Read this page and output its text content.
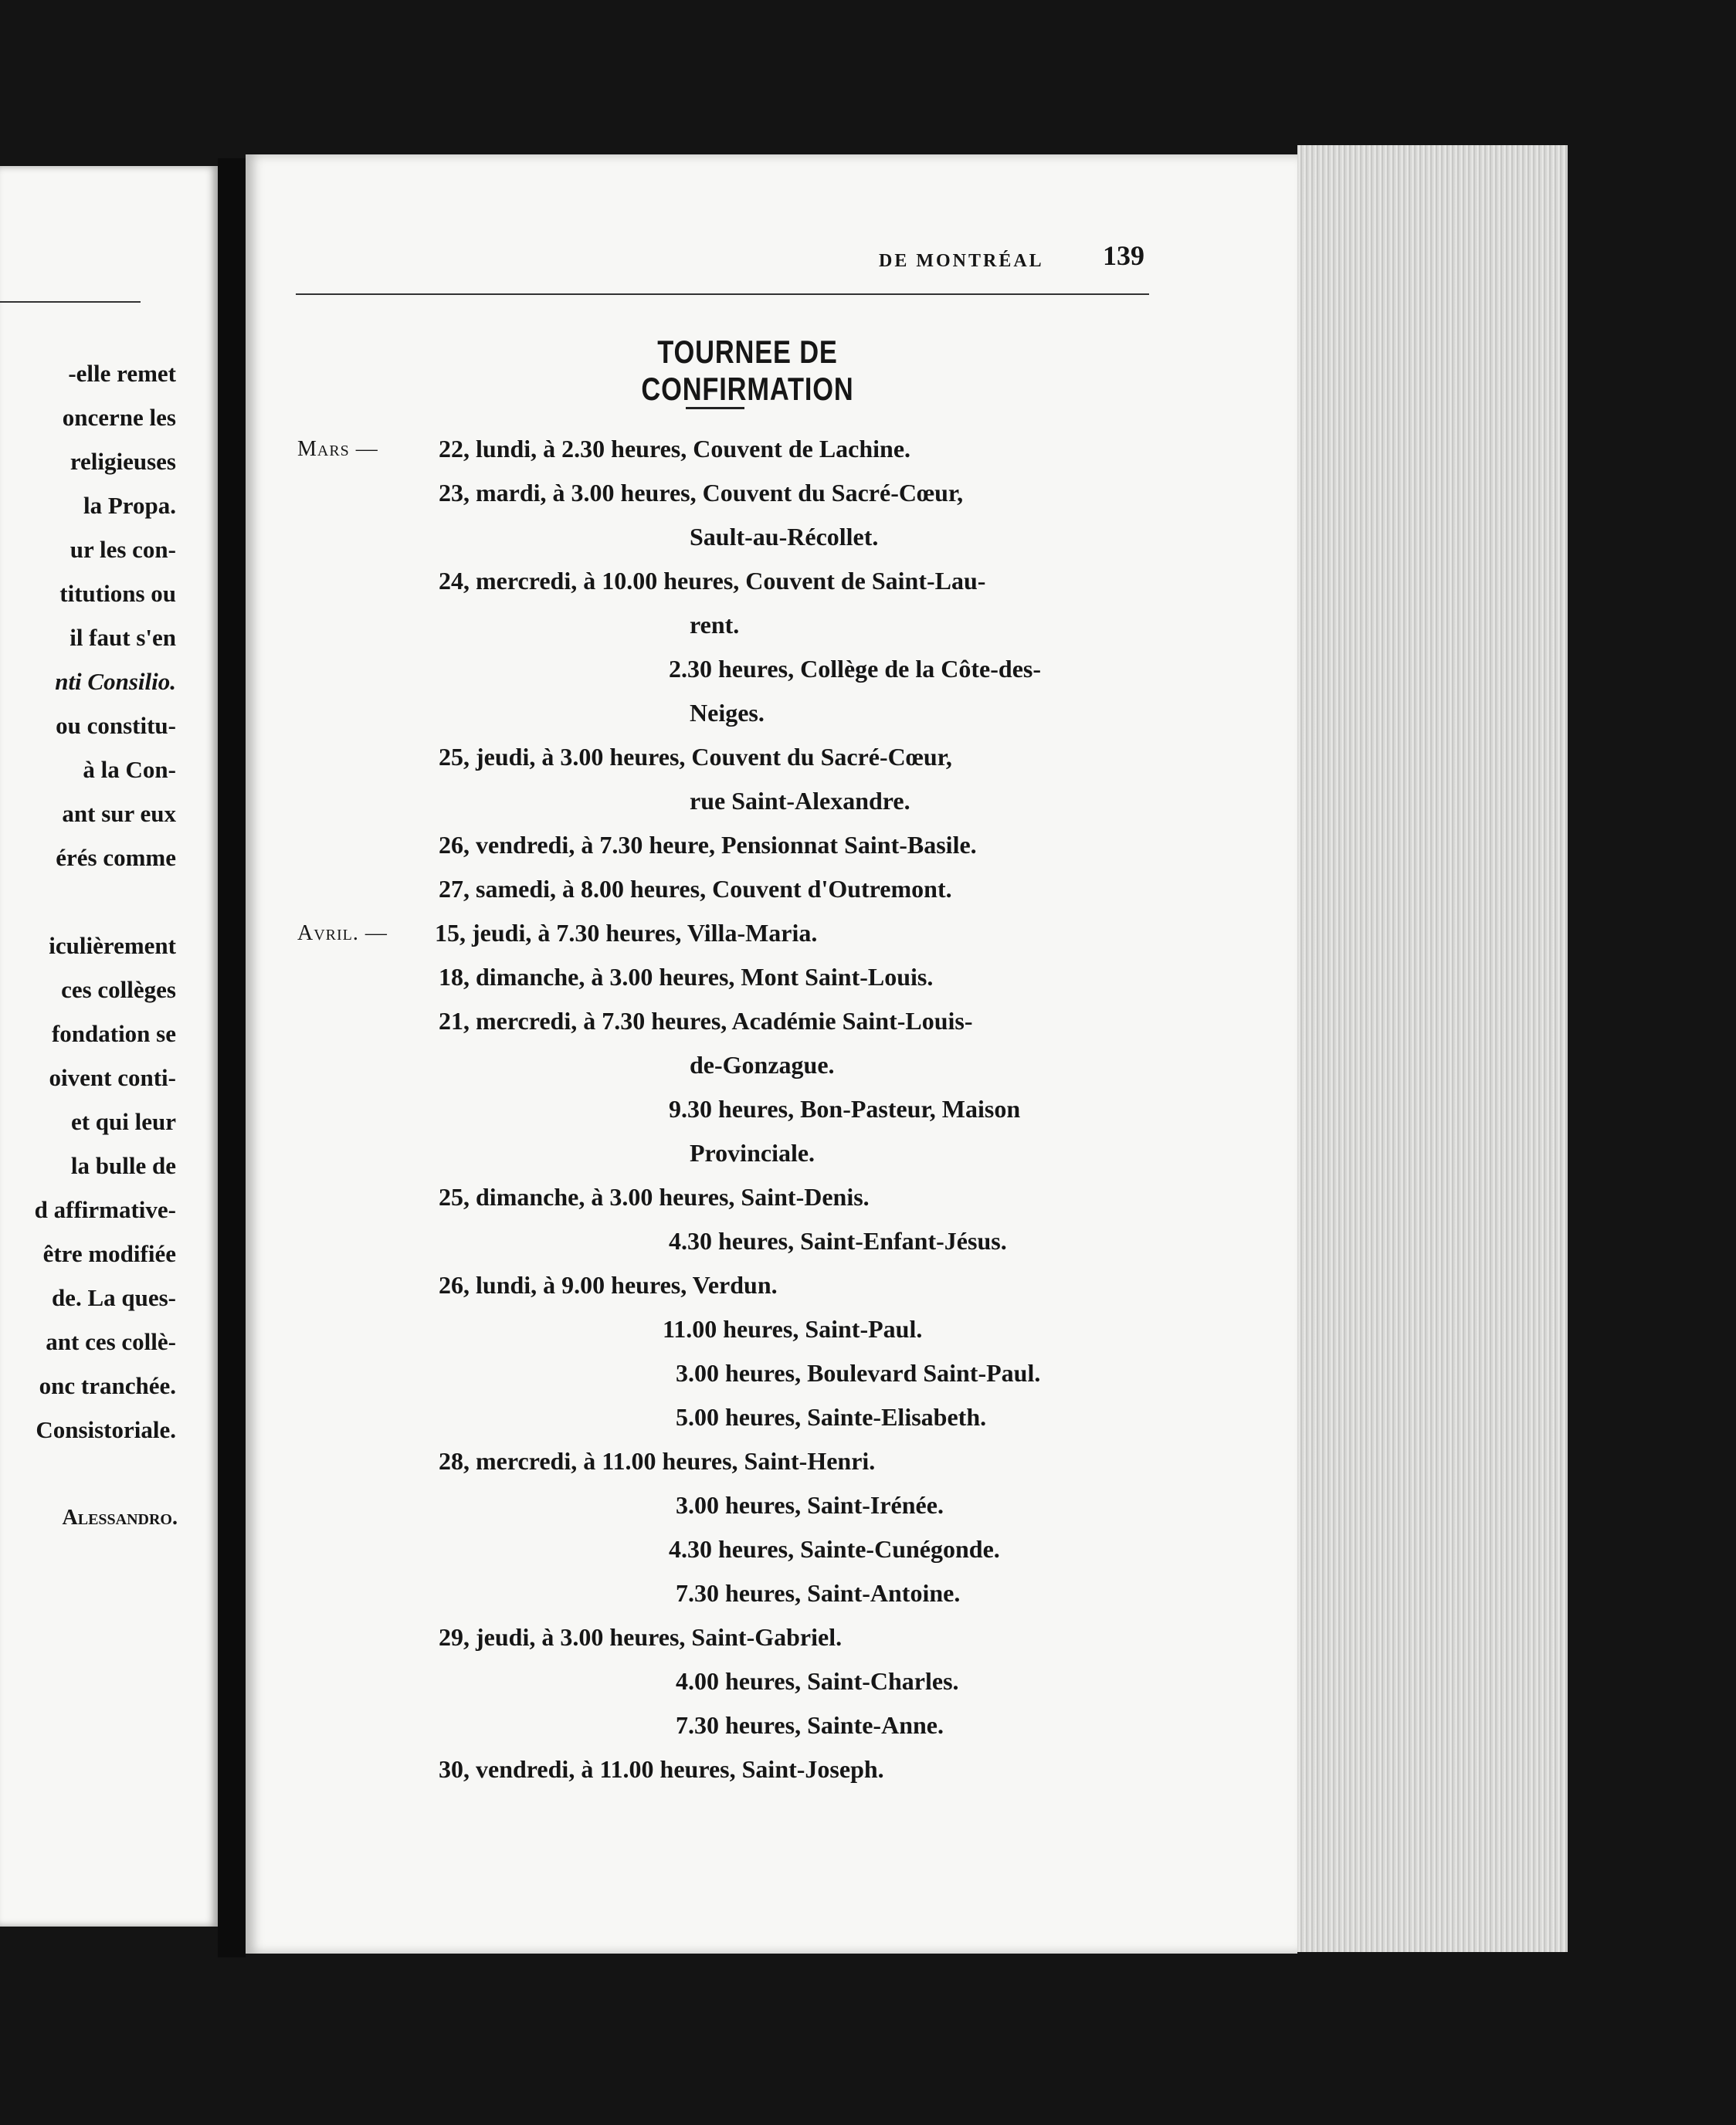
-elle remet
oncerne les
religieuses
la Propa.
ur les con-
titutions ou
il faut s'en
nti Consilio.
ou constitu-
à la Con-
ant sur eux
érés comme
iculièrement
ces collèges
fondation se
oivent conti-
et qui leur
la bulle de
d affirmative-
être modifiée
de. La ques-
ant ces collè-
onc tranchée.
Consistoriale.
Alessandro.
DE MONTRÉAL 139
TOURNEE DE CONFIRMATION
Mars — 22, lundi, à 2.30 heures, Couvent de Lachine.
23, mardi, à 3.00 heures, Couvent du Sacré-Cœur,
Sault-au-Récollet.
24, mercredi, à 10.00 heures, Couvent de Saint-Lau-
rent.
2.30 heures, Collège de la Côte-des-
Neiges.
25, jeudi, à 3.00 heures, Couvent du Sacré-Cœur,
rue Saint-Alexandre.
26, vendredi, à 7.30 heure, Pensionnat Saint-Basile.
27, samedi, à 8.00 heures, Couvent d'Outremont.
Avril. — 15, jeudi, à 7.30 heures, Villa-Maria.
18, dimanche, à 3.00 heures, Mont Saint-Louis.
21, mercredi, à 7.30 heures, Académie Saint-Louis-
de-Gonzague.
9.30 heures, Bon-Pasteur, Maison
Provinciale.
25, dimanche, à 3.00 heures, Saint-Denis.
4.30 heures, Saint-Enfant-Jésus.
26, lundi, à 9.00 heures, Verdun.
11.00 heures, Saint-Paul.
3.00 heures, Boulevard Saint-Paul.
5.00 heures, Sainte-Elisabeth.
28, mercredi, à 11.00 heures, Saint-Henri.
3.00 heures, Saint-Irénée.
4.30 heures, Sainte-Cunégonde.
7.30 heures, Saint-Antoine.
29, jeudi, à 3.00 heures, Saint-Gabriel.
4.00 heures, Saint-Charles.
7.30 heures, Sainte-Anne.
30, vendredi, à 11.00 heures, Saint-Joseph.
